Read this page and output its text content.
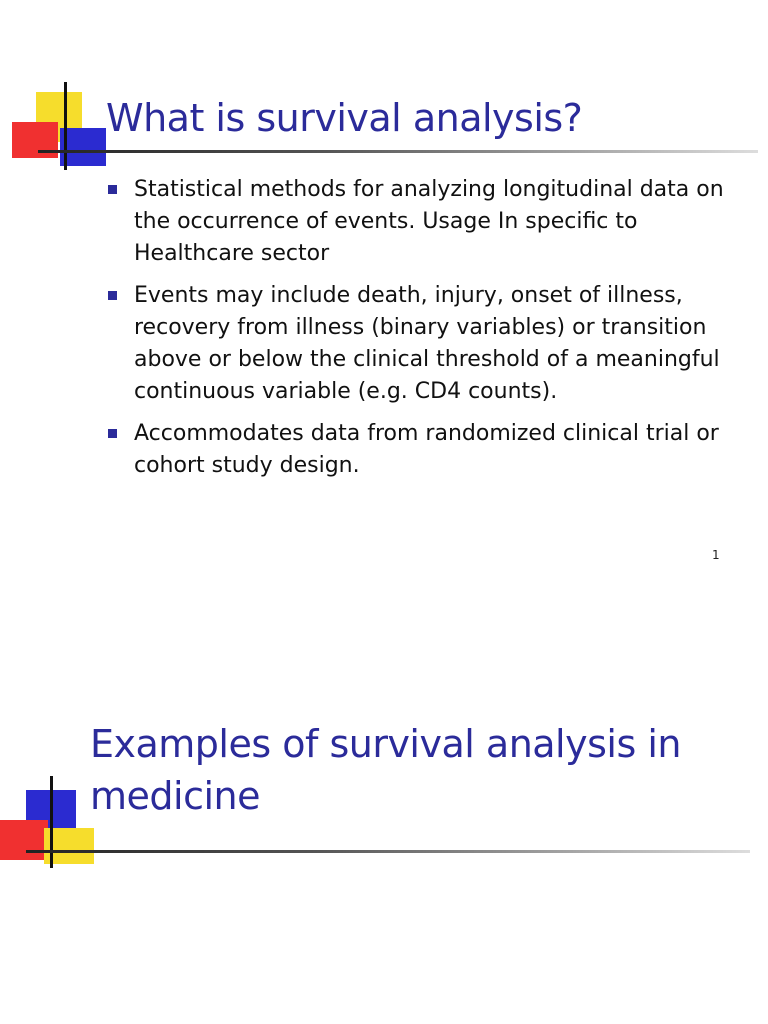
What is survival analysis?
Statistical methods for analyzing longitudinal data on the occurrence of events. Usage In specific to Healthcare sector
Events may include death, injury, onset of illness, recovery from illness (binary variables) or transition above or below the clinical threshold of a meaningful continuous variable (e.g. CD4 counts).
Accommodates data from randomized clinical trial or cohort study design.
1
Examples of survival analysis in medicine
